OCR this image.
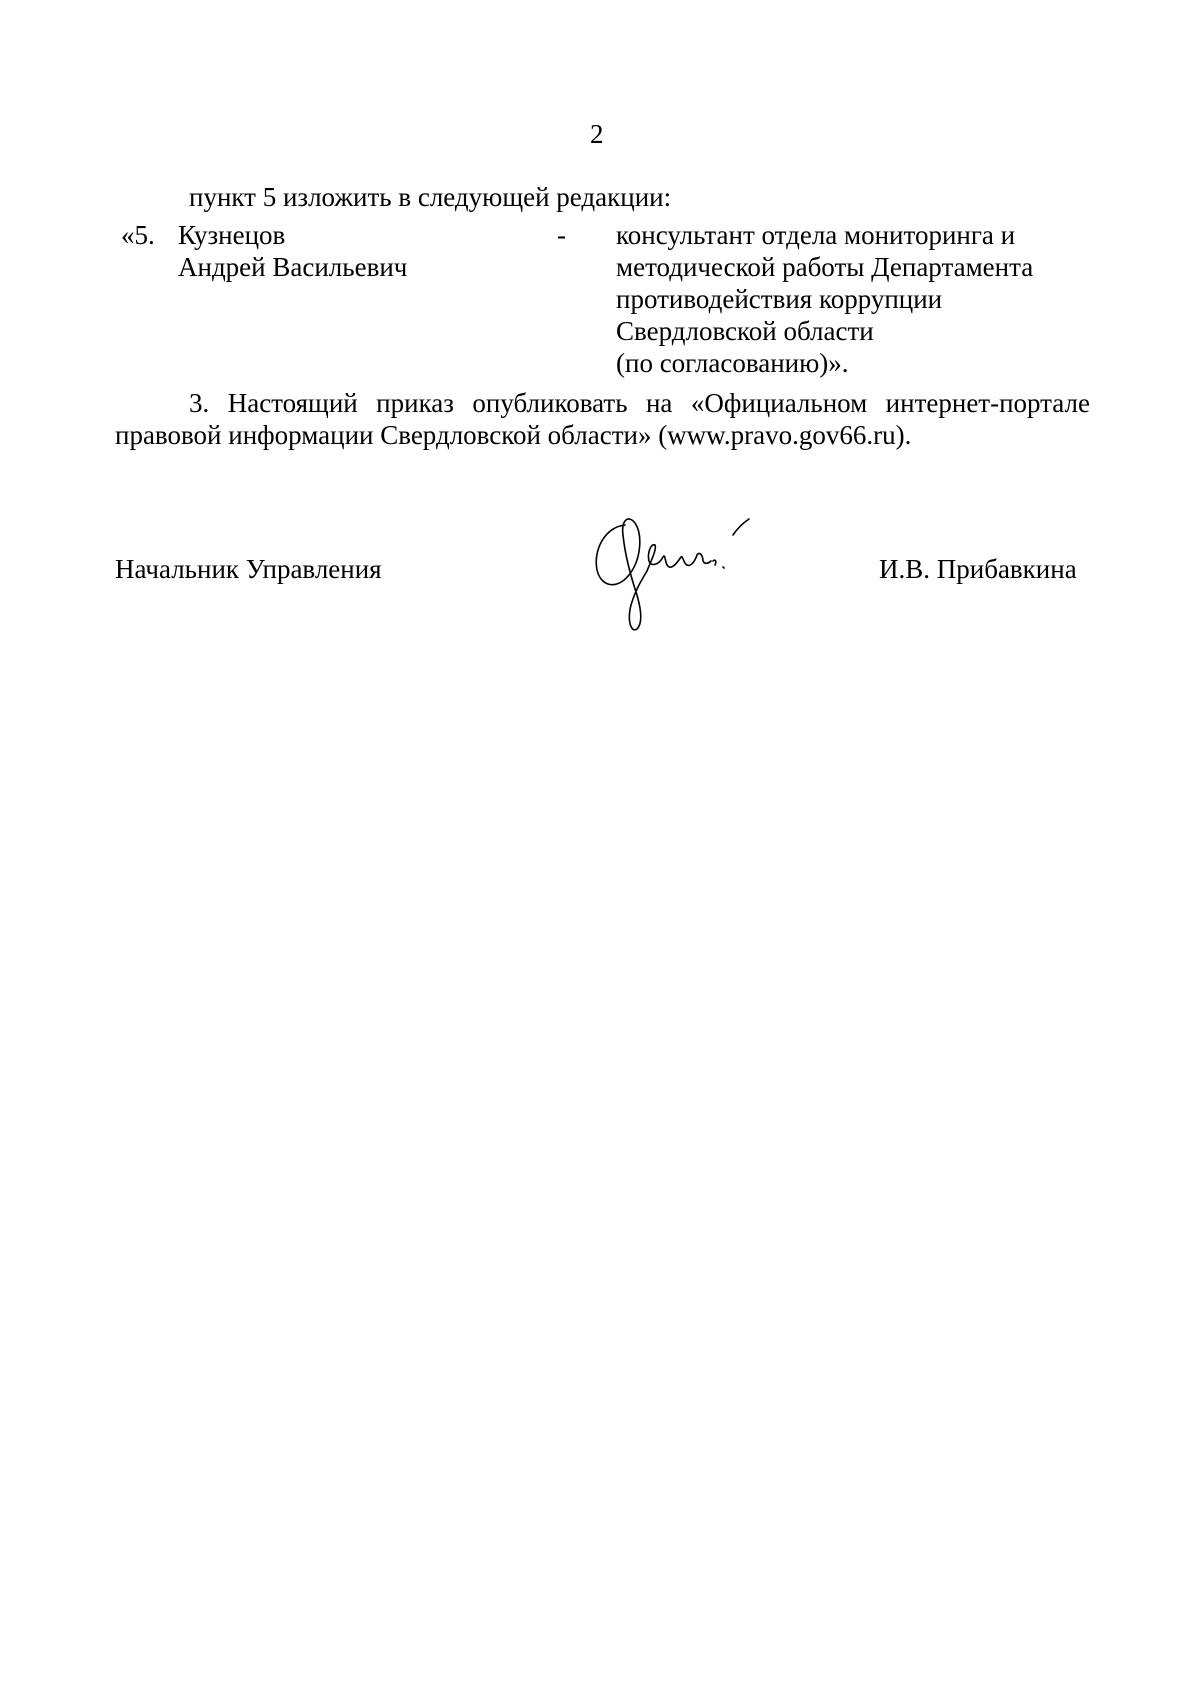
2
пункт 5 изложить в следующей редакции:
«5. Кузнецов
Андрей Васильевич
- консультант отдела мониторинга и
методической работы Департамента
противодействия коррупции
Свердловской области
(по согласованию)».
3. Настоящий приказ опубликовать на «Официальном интернет-портале
правовой информации Свердловской области» (www.pravo.gov66.ru).
Начальник Управления	И.В. Прибавкина
